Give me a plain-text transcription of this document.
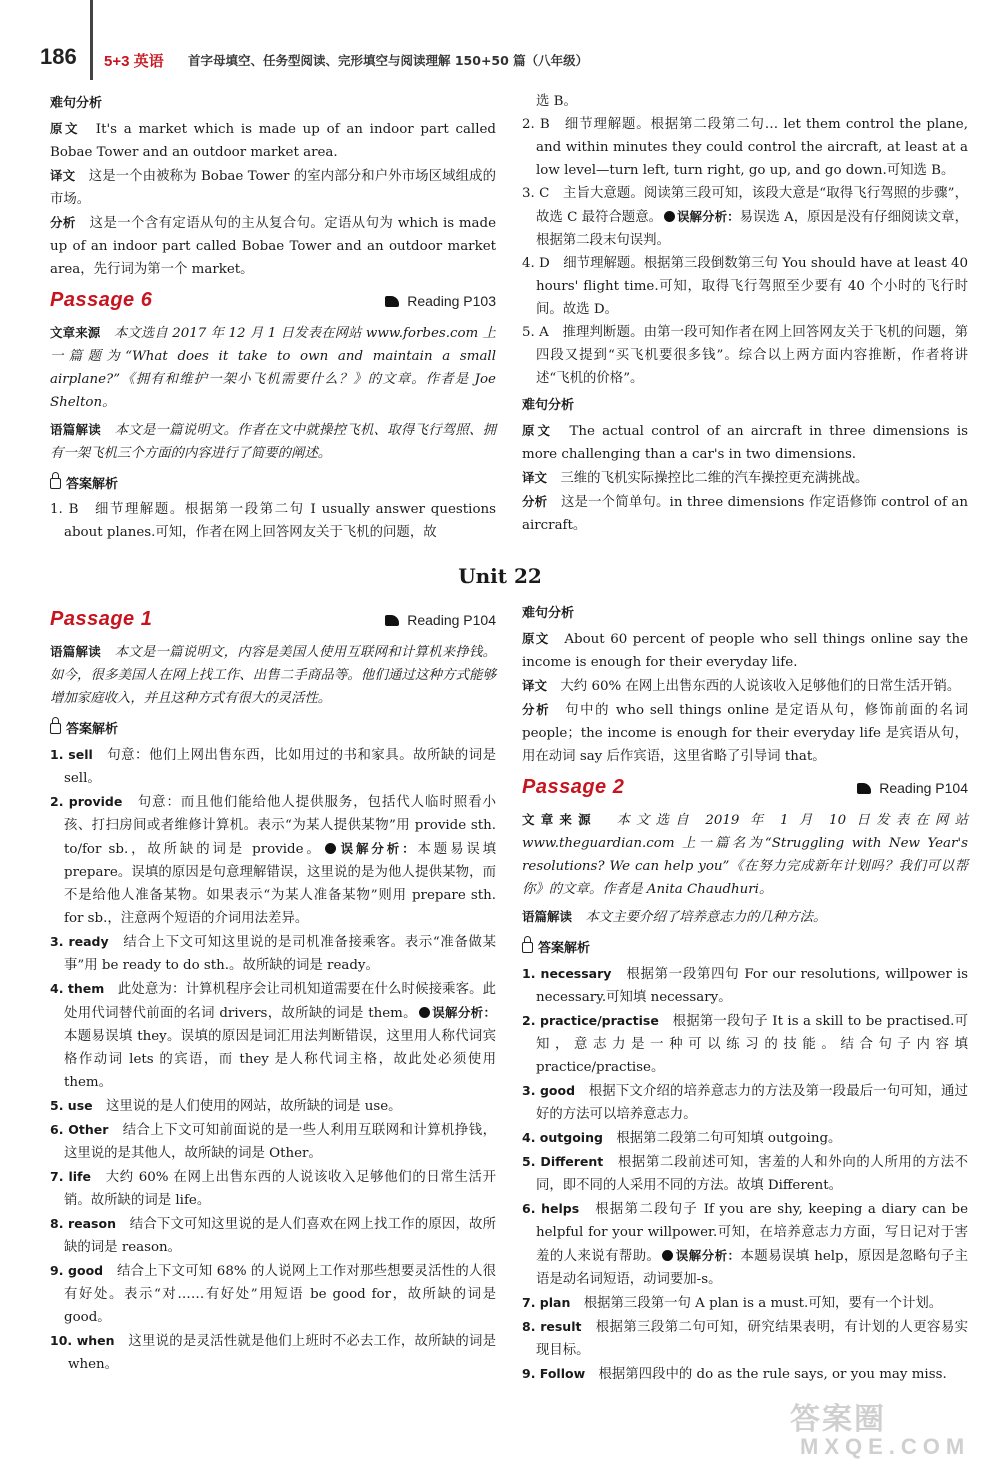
186 5+3 英语 首字母填空、任务型阅读、完形填空与阅读理解 150+50 篇（八年级）

难句分析

原文　 It's a market which is made up of an indoor part called Bobae Tower and an outdoor market area.

译文　 这是一个由被称为 Bobae Tower 的室内部分和户外市场区域组成的市场。

分析　 这是一个含有定语从句的主从复合句。定语从句为 which is made up of an indoor part called Bobae Tower and an outdoor market area，先行词为第一个 market。

Passage 6	Reading P103

文章来源　 本文选自 2017 年 12 月 1 日发表在网站 www.forbes.com 上一篇题为“What does it take to own and maintain a small airplane?”《拥有和维护一架小飞机需要什么？》的文章。作者是 Joe Shelton。

语篇解读　 本文是一篇说明文。作者在文中就操控飞机、取得飞行驾照、拥有一架飞机三个方面的内容进行了简要的阐述。

答案解析

1. B　细节理解题。根据第一段第二句 I usually answer questions about planes.可知，作者在网上回答网友关于飞机的问题，故

选 B。

2. B　细节理解题。根据第二段第二句… let them control the plane, and within minutes they could control the aircraft, at least at a low level—turn left, turn right, go up, and go down.可知选 B。

3. C　主旨大意题。阅读第三段可知，该段大意是“取得飞行驾照的步骤”，故选 C 最符合题意。 误解分析：易误选 A，原因是没有仔细阅读文章，根据第二段末句误判。

4. D　细节理解题。根据第三段倒数第三句 You should have at least 40 hours' flight time.可知，取得飞行驾照至少要有 40 个小时的飞行时间。故选 D。

5. A　推理判断题。由第一段可知作者在网上回答网友关于飞机的问题，第四段又提到“买飞机要很多钱”。综合以上两方面内容推断，作者将讲述“飞机的价格”。

难句分析

原文　 The actual control of an aircraft in three dimensions is more challenging than a car's in two dimensions.

译文　 三维的飞机实际操控比二维的汽车操控更充满挑战。

分析　 这是一个简单句。in three dimensions 作定语修饰 control of an aircraft。

Unit 22
Passage 1	Reading P104

语篇解读　 本文是一篇说明文，内容是美国人使用互联网和计算机来挣钱。如今，很多美国人在网上找工作、出售二手商品等。他们通过这种方式能够增加家庭收入，并且这种方式有很大的灵活性。

答案解析

1. sell　 句意：他们上网出售东西，比如用过的书和家具。故所缺的词是 sell。

2. provide　 句意：而且他们能给他人提供服务，包括代人临时照看小孩、打扫房间或者维修计算机。表示“为某人提供某物”用 provide sth. to/for sb.，故所缺的词是 provide。 误解分析：本题易误填 prepare。误填的原因是句意理解错误，这里说的是为他人提供某物，而不是给他人准备某物。如果表示“为某人准备某物”则用 prepare sth. for sb.，注意两个短语的介词用法差异。

3. ready　 结合上下文可知这里说的是司机准备接乘客。表示“准备做某事”用 be ready to do sth.。故所缺的词是 ready。

4. them　 此处意为：计算机程序会让司机知道需要在什么时候接乘客。此处用代词替代前面的名词 drivers，故所缺的词是 them。 误解分析：本题易误填 they。误填的原因是词汇用法判断错误，这里用人称代词宾格作动词 lets 的宾语，而 they 是人称代词主格，故此处必须使用 them。

5. use　 这里说的是人们使用的网站，故所缺的词是 use。

6. Other　 结合上下文可知前面说的是一些人利用互联网和计算机挣钱，这里说的是其他人，故所缺的词是 Other。

7. life　 大约 60% 在网上出售东西的人说该收入足够他们的日常生活开销。故所缺的词是 life。

8. reason　 结合下文可知这里说的是人们喜欢在网上找工作的原因，故所缺的词是 reason。

9. good　 结合上下文可知 68% 的人说网上工作对那些想要灵活性的人很有好处。表示“对……有好处”用短语 be good for，故所缺的词是 good。

10. when　 这里说的是灵活性就是他们上班时不必去工作，故所缺的词是 when。

难句分析

原文　 About 60 percent of people who sell things online say the income is enough for their everyday life.

译文　 大约 60% 在网上出售东西的人说该收入足够他们的日常生活开销。

分析　 句中的 who sell things online 是定语从句，修饰前面的名词 people；the income is enough for their everyday life 是宾语从句，用在动词 say 后作宾语，这里省略了引导词 that。

Passage 2	Reading P104

文章来源　 本文选自 2019 年 1 月 10 日发表在网站 www.theguardian.com 上一篇名为“Struggling with New Year's resolutions? We can help you”《在努力完成新年计划吗？我们可以帮你》的文章。作者是 Anita Chaudhuri。

语篇解读　 本文主要介绍了培养意志力的几种方法。

答案解析

1. necessary　 根据第一段第四句 For our resolutions, willpower is necessary.可知填 necessary。

2. practice/practise　 根据第一段句子 It is a skill to be practised.可知，意志力是一种可以练习的技能。结合句子内容填 practice/practise。

3. good　 根据下文介绍的培养意志力的方法及第一段最后一句可知，通过好的方法可以培养意志力。

4. outgoing　 根据第二段第二句可知填 outgoing。

5. Different　 根据第二段前述可知，害羞的人和外向的人所用的方法不同，即不同的人采用不同的方法。故填 Different。

6. helps　 根据第二段句子 If you are shy, keeping a diary can be helpful for your willpower.可知，在培养意志力方面，写日记对于害羞的人来说有帮助。 误解分析：本题易误填 help，原因是忽略句子主语是动名词短语，动词要加-s。

7. plan　 根据第三段第一句 A plan is a must.可知，要有一个计划。

8. result　 根据第三段第二句可知，研究结果表明，有计划的人更容易实现目标。

9. Follow　 根据第四段中的 do as the rule says, or you may miss.

答案圈
MXQE.COM
